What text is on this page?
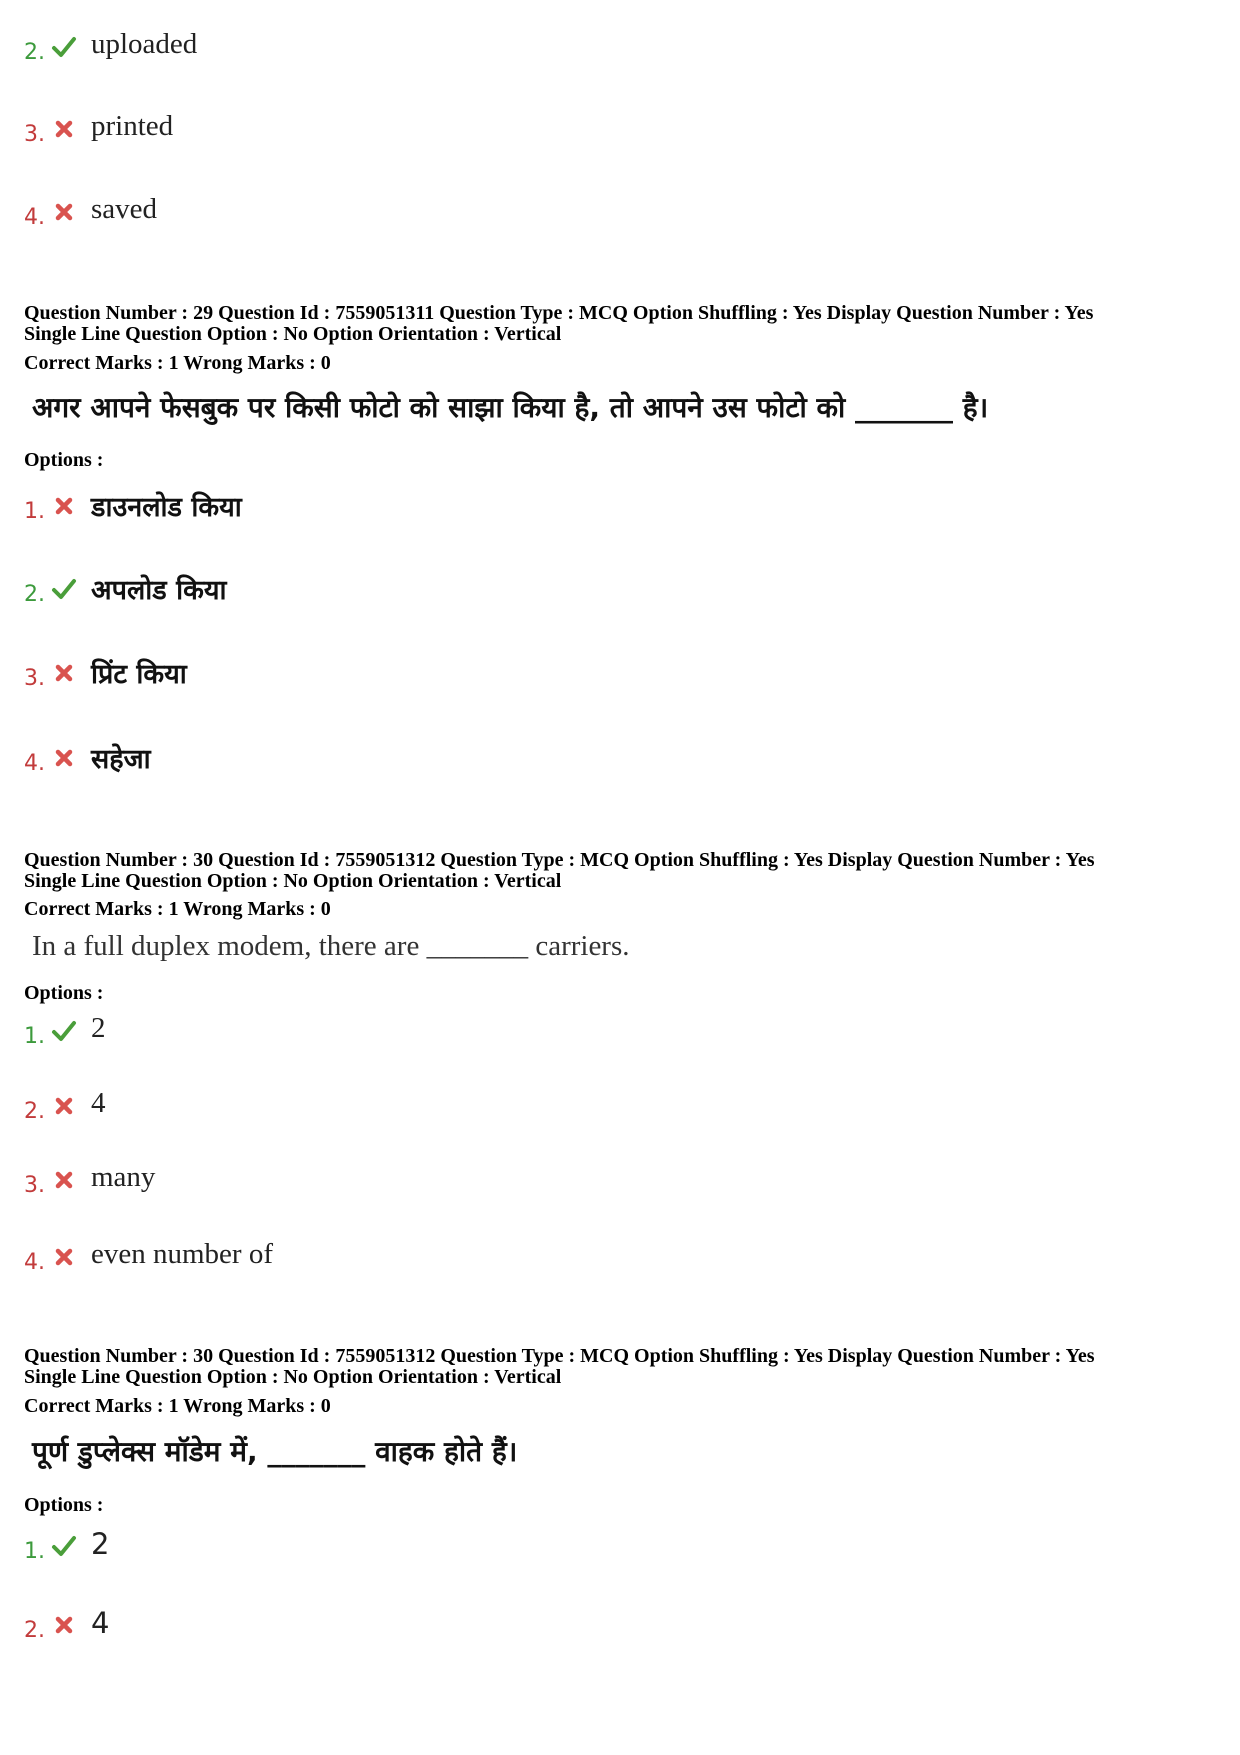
2. uploaded
3. printed
4. saved
Question Number : 29 Question Id : 7559051311 Question Type : MCQ Option Shuffling : Yes Display Question Number : Yes
Single Line Question Option : No Option Orientation : Vertical
Correct Marks : 1 Wrong Marks : 0
अगर आपने फेसबुक पर किसी फोटो को साझा किया है, तो आपने उस फोटो को _______ है।
Options :
1. डाउनलोड किया
2. अपलोड किया
3. प्रिंट किया
4. सहेजा
Question Number : 30 Question Id : 7559051312 Question Type : MCQ Option Shuffling : Yes Display Question Number : Yes
Single Line Question Option : No Option Orientation : Vertical
Correct Marks : 1 Wrong Marks : 0
In a full duplex modem, there are _______ carriers.
Options :
1. 2
2. 4
3. many
4. even number of
Question Number : 30 Question Id : 7559051312 Question Type : MCQ Option Shuffling : Yes Display Question Number : Yes
Single Line Question Option : No Option Orientation : Vertical
Correct Marks : 1 Wrong Marks : 0
पूर्ण डुप्लेक्स मॉडेम में, _______ वाहक होते हैं।
Options :
1. 2
2. 4
